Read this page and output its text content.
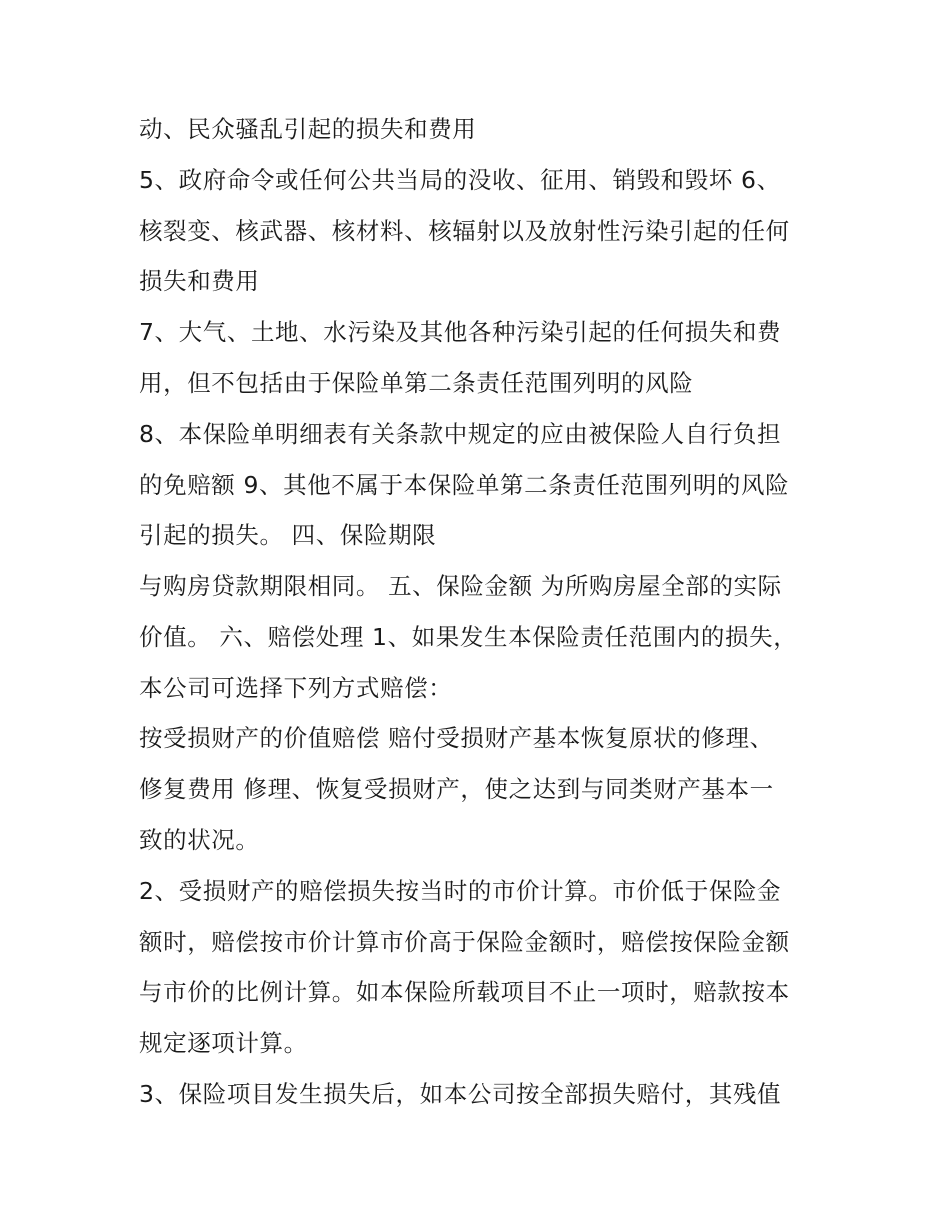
动、民众骚乱引起的损失和费用
5、政府命令或任何公共当局的没收、征用、销毁和毁坏 6、
核裂变、核武器、核材料、核辐射以及放射性污染引起的任何
损失和费用
7、大气、土地、水污染及其他各种污染引起的任何损失和费
用，但不包括由于保险单第二条责任范围列明的风险
8、本保险单明细表有关条款中规定的应由被保险人自行负担
的免赔额 9、其他不属于本保险单第二条责任范围列明的风险
引起的损失。 四、保险期限
与购房贷款期限相同。 五、保险金额 为所购房屋全部的实际
价值。 六、赔偿处理 1、如果发生本保险责任范围内的损失，
本公司可选择下列方式赔偿：
按受损财产的价值赔偿 赔付受损财产基本恢复原状的修理、
修复费用 修理、恢复受损财产，使之达到与同类财产基本一
致的状况。
2、受损财产的赔偿损失按当时的市价计算。市价低于保险金
额时，赔偿按市价计算市价高于保险金额时，赔偿按保险金额
与市价的比例计算。如本保险所载项目不止一项时，赔款按本
规定逐项计算。
3、保险项目发生损失后，如本公司按全部损失赔付，其残值
